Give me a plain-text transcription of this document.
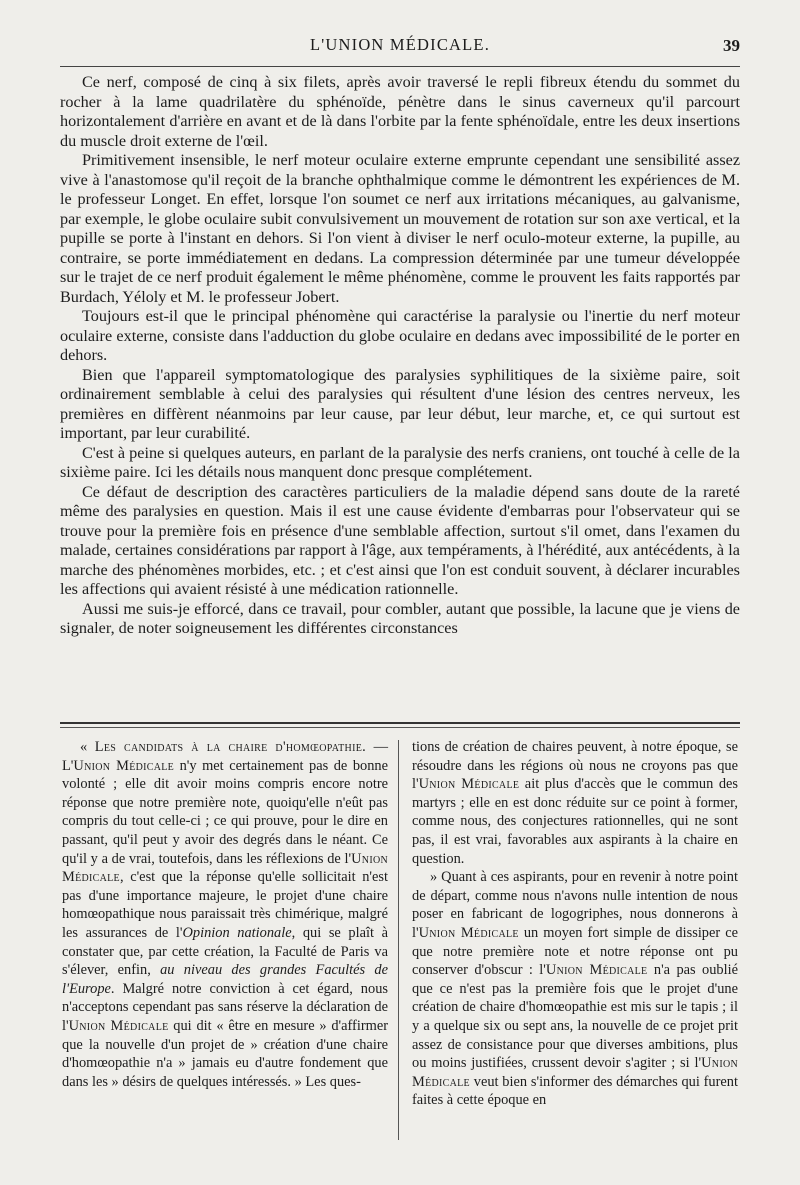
L'UNION MÉDICALE.	39

Ce nerf, composé de cinq à six filets, après avoir traversé le repli fibreux étendu du sommet du rocher à la lame quadrilatère du sphénoïde, pénètre dans le sinus caverneux qu'il parcourt horizontalement d'arrière en avant et de là dans l'orbite par la fente sphénoïdale, entre les deux insertions du muscle droit externe de l'œil.

Primitivement insensible, le nerf moteur oculaire externe emprunte cependant une sensibilité assez vive à l'anastomose qu'il reçoit de la branche ophthalmique comme le démontrent les expériences de M. le professeur Longet. En effet, lorsque l'on soumet ce nerf aux irritations mécaniques, au galvanisme, par exemple, le globe oculaire subit convulsivement un mouvement de rotation sur son axe vertical, et la pupille se porte à l'instant en dehors. Si l'on vient à diviser le nerf oculo-moteur externe, la pupille, au contraire, se porte immédiatement en dedans. La compression déterminée par une tumeur développée sur le trajet de ce nerf produit également le même phénomène, comme le prouvent les faits rapportés par Burdach, Yéloly et M. le professeur Jobert.

Toujours est-il que le principal phénomène qui caractérise la paralysie ou l'inertie du nerf moteur oculaire externe, consiste dans l'adduction du globe oculaire en dedans avec impossibilité de le porter en dehors.

Bien que l'appareil symptomatologique des paralysies syphilitiques de la sixième paire, soit ordinairement semblable à celui des paralysies qui résultent d'une lésion des centres nerveux, les premières en diffèrent néanmoins par leur cause, par leur début, leur marche, et, ce qui surtout est important, par leur curabilité.

C'est à peine si quelques auteurs, en parlant de la paralysie des nerfs craniens, ont touché à celle de la sixième paire. Ici les détails nous manquent donc presque complétement.

Ce défaut de description des caractères particuliers de la maladie dépend sans doute de la rareté même des paralysies en question. Mais il est une cause évidente d'embarras pour l'observateur qui se trouve pour la première fois en présence d'une semblable affection, surtout s'il omet, dans l'examen du malade, certaines considérations par rapport à l'âge, aux tempéraments, à l'hérédité, aux antécédents, à la marche des phénomènes morbides, etc. ; et c'est ainsi que l'on est conduit souvent, à déclarer incurables les affections qui avaient résisté à une médication rationnelle.

Aussi me suis-je efforcé, dans ce travail, pour combler, autant que possible, la lacune que je viens de signaler, de noter soigneusement les différentes circonstances

« Les candidats à la chaire d'homœopathie. — L'Union Médicale n'y met certainement pas de bonne volonté ; elle dit avoir moins compris encore notre réponse que notre première note, quoiqu'elle n'eût pas compris du tout celle-ci ; ce qui prouve, pour le dire en passant, qu'il peut y avoir des degrés dans le néant. Ce qu'il y a de vrai, toutefois, dans les réflexions de l'Union Médicale, c'est que la réponse qu'elle sollicitait n'est pas d'une importance majeure, le projet d'une chaire homœopathique nous paraissait très chimérique, malgré les assurances de l'Opinion nationale, qui se plaît à constater que, par cette création, la Faculté de Paris va s'élever, enfin, au niveau des grandes Facultés de l'Europe. Malgré notre conviction à cet égard, nous n'acceptons cependant pas sans réserve la déclaration de l'Union Médicale qui dit « être en mesure » d'affirmer que la nouvelle d'un projet de » création d'une chaire d'homœopathie n'a » jamais eu d'autre fondement que dans les » désirs de quelques intéressés. » Les ques-

tions de création de chaires peuvent, à notre époque, se résoudre dans les régions où nous ne croyons pas que l'Union Médicale ait plus d'accès que le commun des martyrs ; elle en est donc réduite sur ce point à former, comme nous, des conjectures rationnelles, qui ne sont pas, il est vrai, favorables aux aspirants à la chaire en question.

» Quant à ces aspirants, pour en revenir à notre point de départ, comme nous n'avons nulle intention de nous poser en fabricant de logogriphes, nous donnerons à l'Union Médicale un moyen fort simple de dissiper ce que notre première note et notre réponse ont pu conserver d'obscur : l'Union Médicale n'a pas oublié que ce n'est pas la première fois que le projet d'une création de chaire d'homœopathie est mis sur le tapis ; il y a quelque six ou sept ans, la nouvelle de ce projet prit assez de consistance pour que diverses ambitions, plus ou moins justifiées, crussent devoir s'agiter ; si l'Union Médicale veut bien s'informer des démarches qui furent faites à cette époque en
